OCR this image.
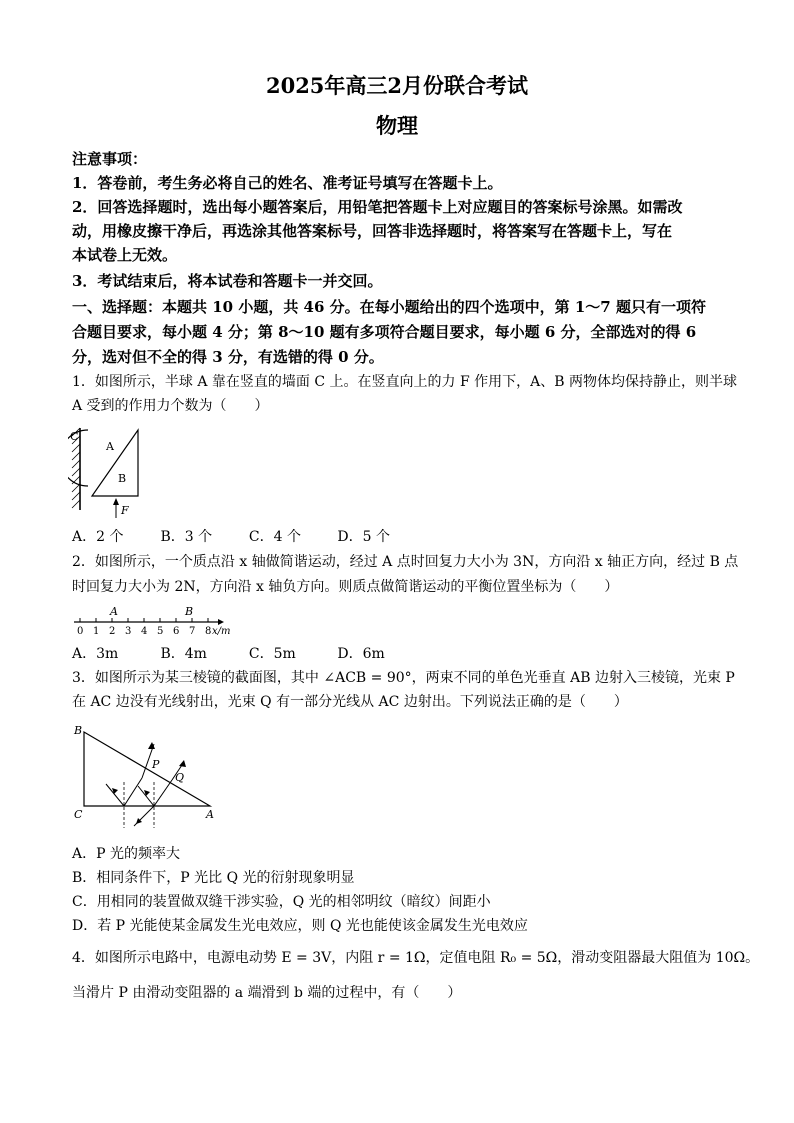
2025年高三2月份联合考试
物理
注意事项：
1．答卷前，考生务必将自己的姓名、准考证号填写在答题卡上。
2．回答选择题时，选出每小题答案后，用铅笔把答题卡上对应题目的答案标号涂黑。如需改
动，用橡皮擦干净后，再选涂其他答案标号，回答非选择题时，将答案写在答题卡上，写在
本试卷上无效。
3．考试结束后，将本试卷和答题卡一并交回。
一、选择题：本题共 10 小题，共 46 分。在每小题给出的四个选项中，第 1～7 题只有一项符
合题目要求，每小题 4 分；第 8～10 题有多项符合题目要求，每小题 6 分，全部选对的得 6
分，选对但不全的得 3 分，有选错的得 0 分。
1．如图所示，半球 A 靠在竖直的墙面 C 上。在竖直向上的力 F 作用下，A、B 两物体均保持静止，则半球
A 受到的作用力个数为（　　）
C
A
B
F
A．2 个	B．3 个	C．4 个	D．5 个
2．如图所示，一个质点沿 x 轴做简谐运动，经过 A 点时回复力大小为 3N，方向沿 x 轴正方向，经过 B 点
时回复力大小为 2N，方向沿 x 轴负方向。则质点做简谐运动的平衡位置坐标为（　　）
0 1 2 3 4 5 6 7 8
A	B
x/m
A．3m	B．4m	C．5m	D．6m
3．如图所示为某三棱镜的截面图，其中 ∠ACB = 90°，两束不同的单色光垂直 AB 边射入三棱镜，光束 P
在 AC 边没有光线射出，光束 Q 有一部分光线从 AC 边射出。下列说法正确的是（　　）
B
C	A
P
Q
A．P 光的频率大
B．相同条件下，P 光比 Q 光的衍射现象明显
C．用相同的装置做双缝干涉实验，Q 光的相邻明纹（暗纹）间距小
D．若 P 光能使某金属发生光电效应，则 Q 光也能使该金属发生光电效应
4．如图所示电路中，电源电动势 E = 3V，内阻 r = 1Ω，定值电阻 R₀ = 5Ω，滑动变阻器最大阻值为 10Ω。
当滑片 P 由滑动变阻器的 a 端滑到 b 端的过程中，有（　　）
